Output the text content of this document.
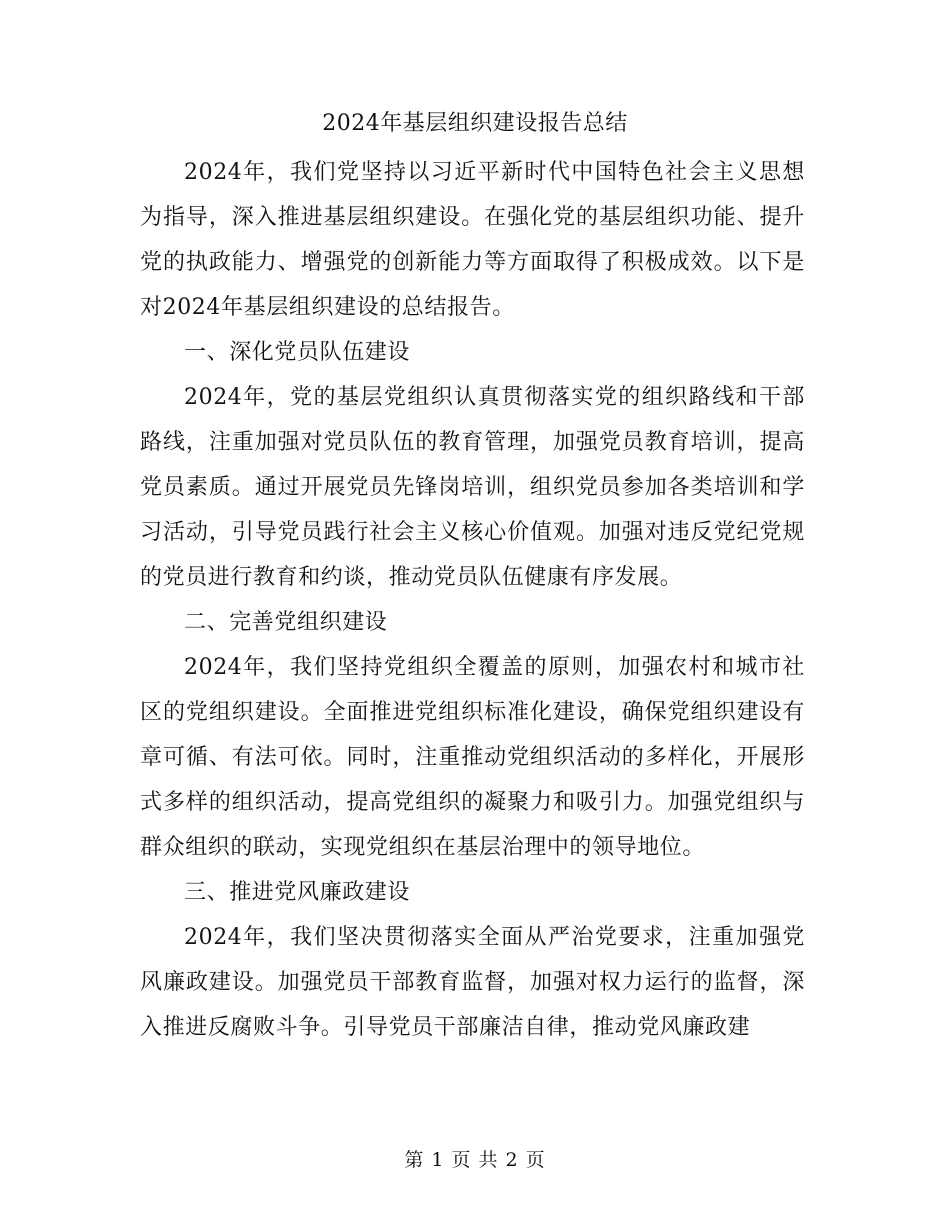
2024年基层组织建设报告总结

2024年，我们党坚持以习近平新时代中国特色社会主义思想为指导，深入推进基层组织建设。在强化党的基层组织功能、提升党的执政能力、增强党的创新能力等方面取得了积极成效。以下是对2024年基层组织建设的总结报告。

一、深化党员队伍建设

2024年，党的基层党组织认真贯彻落实党的组织路线和干部路线，注重加强对党员队伍的教育管理，加强党员教育培训，提高党员素质。通过开展党员先锋岗培训，组织党员参加各类培训和学习活动，引导党员践行社会主义核心价值观。加强对违反党纪党规的党员进行教育和约谈，推动党员队伍健康有序发展。

二、完善党组织建设

2024年，我们坚持党组织全覆盖的原则，加强农村和城市社区的党组织建设。全面推进党组织标准化建设，确保党组织建设有章可循、有法可依。同时，注重推动党组织活动的多样化，开展形式多样的组织活动，提高党组织的凝聚力和吸引力。加强党组织与群众组织的联动，实现党组织在基层治理中的领导地位。

三、推进党风廉政建设

2024年，我们坚决贯彻落实全面从严治党要求，注重加强党风廉政建设。加强党员干部教育监督，加强对权力运行的监督，深入推进反腐败斗争。引导党员干部廉洁自律，推动党风廉政建

第 1 页 共 2 页
